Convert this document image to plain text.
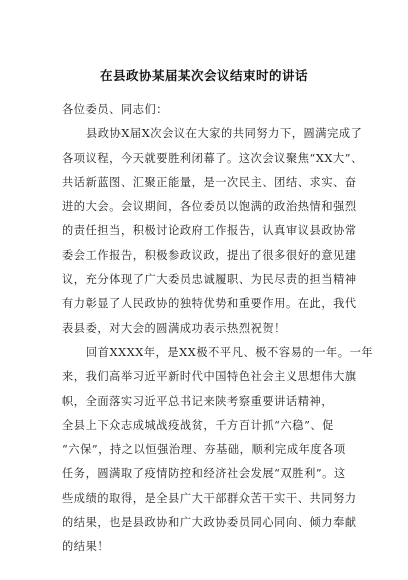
在县政协某届某次会议结束时的讲话
各位委员、同志们：
县政协X届X次会议在大家的共同努力下，圆满完成了
各项议程，今天就要胜利闭幕了。这次会议聚焦“XX大”、
共话新蓝图、汇聚正能量，是一次民主、团结、求实、奋
进的大会。会议期间，各位委员以饱满的政治热情和强烈
的责任担当，积极讨论政府工作报告，认真审议县政协常
委会工作报告，积极参政议政，提出了很多很好的意见建
议，充分体现了广大委员忠诚履职、为民尽责的担当精神
有力彰显了人民政协的独特优势和重要作用。在此，我代
表县委，对大会的圆满成功表示热烈祝贺！
回首XXXX年，是XX极不平凡、极不容易的一年。一年
来，我们高举习近平新时代中国特色社会主义思想伟大旗
帜，全面落实习近平总书记来陕考察重要讲话精神，
全县上下众志成城战疫战贫，千方百计抓“六稳”、促
“六保”，持之以恒强治理、夯基础，顺利完成年度各项
任务，圆满取了疫情防控和经济社会发展“双胜利”。这
些成绩的取得，是全县广大干部群众苦干实干、共同努力
的结果，也是县政协和广大政协委员同心同向、倾力奉献
的结果！
